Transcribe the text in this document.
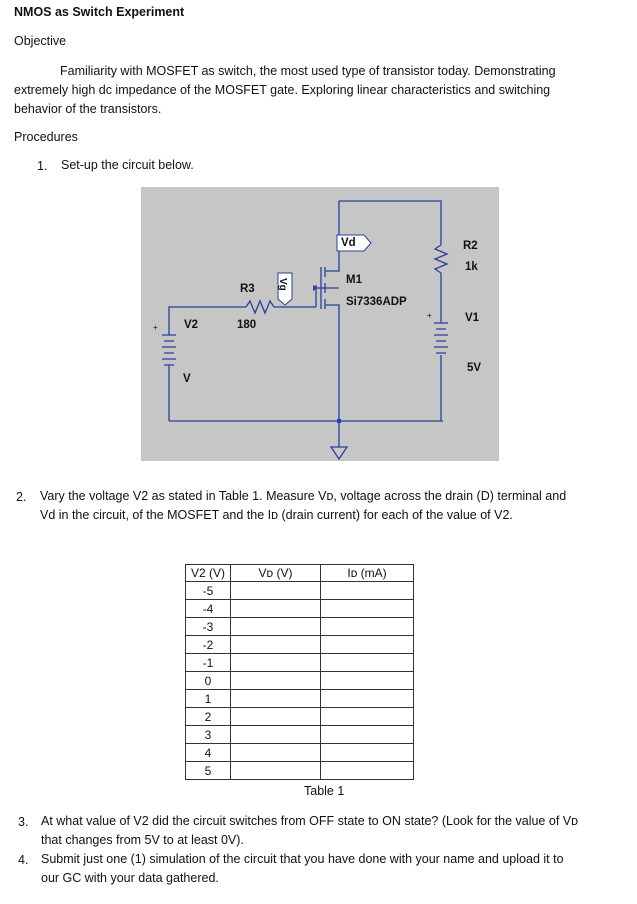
NMOS as Switch Experiment
Objective
Familiarity with MOSFET as switch, the most used type of transistor today. Demonstrating
extremely high dc impedance of the MOSFET gate. Exploring linear characteristics and switching
behavior of the transistors.
Procedures
1. Set-up the circuit below.
Vd	R2
1k
M1
Si7336ADP
R3
180
Vg
V2
V
+
V1
5V
+
2. Vary the voltage V2 as stated in Table 1. Measure Vᴅ, voltage across the drain (D) terminal and
Vd in the circuit, of the MOSFET and the Iᴅ (drain current) for each of the value of V2.
V2 (V)	Vᴅ (V)	Iᴅ (mA)
-5		
-4		
-3		
-2		
-1		
0		
1		
2		
3		
4		
5		
Table 1
3. At what value of V2 did the circuit switches from OFF state to ON state? (Look for the value of Vᴅ
that changes from 5V to at least 0V).
4. Submit just one (1) simulation of the circuit that you have done with your name and upload it to
our GC with your data gathered.
